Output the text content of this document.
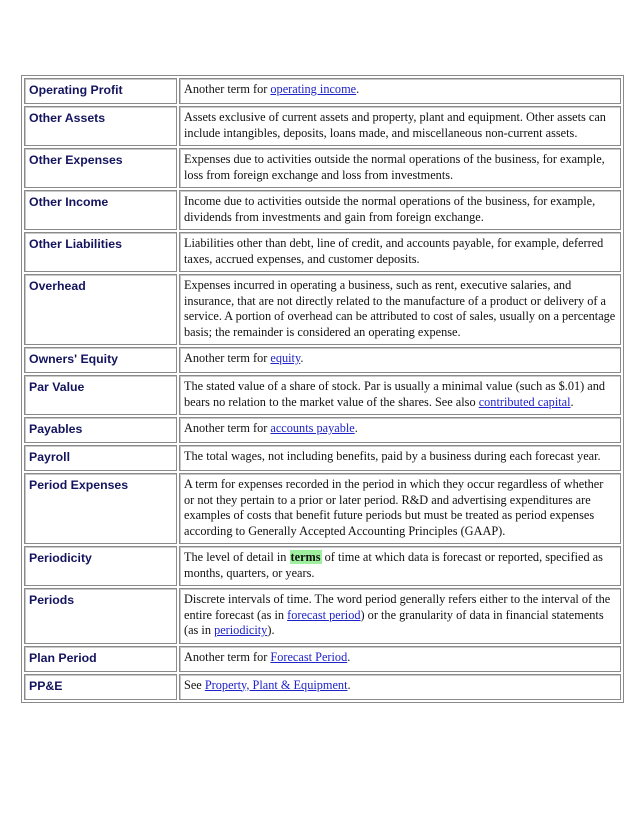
Operating Profit	Another term for operating income.
Other Assets	Assets exclusive of current assets and property, plant and equipment. Other assets can include intangibles, deposits, loans made, and miscellaneous non-current assets.
Other Expenses	Expenses due to activities outside the normal operations of the business, for example, loss from foreign exchange and loss from investments.
Other Income	Income due to activities outside the normal operations of the business, for example, dividends from investments and gain from foreign exchange.
Other Liabilities	Liabilities other than debt, line of credit, and accounts payable, for example, deferred taxes, accrued expenses, and customer deposits.
Overhead	Expenses incurred in operating a business, such as rent, executive salaries, and insurance, that are not directly related to the manufacture of a product or delivery of a service. A portion of overhead can be attributed to cost of sales, usually on a percentage basis; the remainder is considered an operating expense.
Owners' Equity	Another term for equity.
Par Value	The stated value of a share of stock. Par is usually a minimal value (such as $.01) and bears no relation to the market value of the shares. See also contributed capital.
Payables	Another term for accounts payable.
Payroll	The total wages, not including benefits, paid by a business during each forecast year.
Period Expenses	A term for expenses recorded in the period in which they occur regardless of whether or not they pertain to a prior or later period. R&D and advertising expenditures are examples of costs that benefit future periods but must be treated as period expenses according to Generally Accepted Accounting Principles (GAAP).
Periodicity	The level of detail in terms of time at which data is forecast or reported, specified as months, quarters, or years.
Periods	Discrete intervals of time. The word period generally refers either to the interval of the entire forecast (as in forecast period) or the granularity of data in financial statements (as in periodicity).
Plan Period	Another term for Forecast Period.
PP&E	See Property, Plant & Equipment.
